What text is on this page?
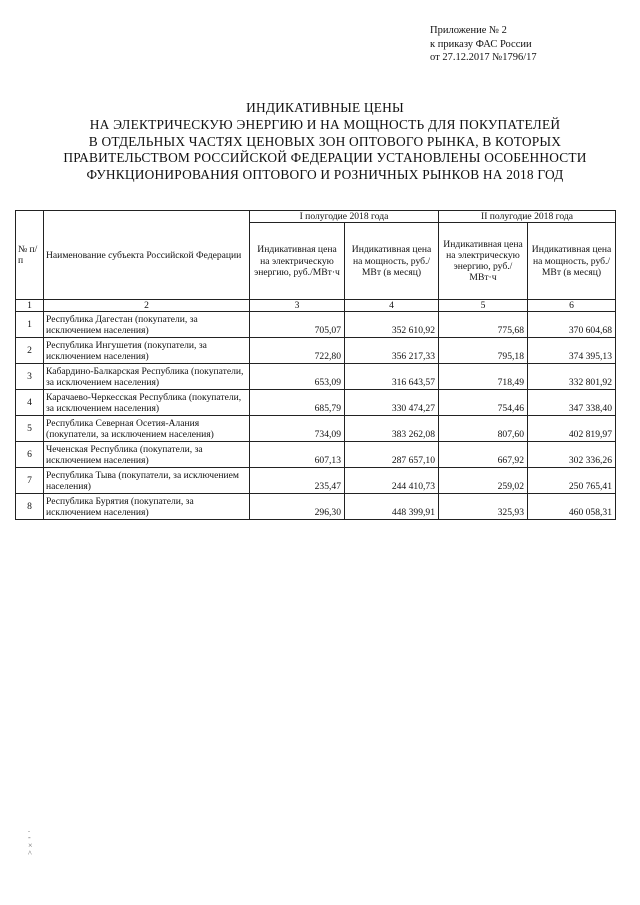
Приложение № 2
к приказу ФАС России
от 27.12.2017 №1796/17
ИНДИКАТИВНЫЕ ЦЕНЫ
НА ЭЛЕКТРИЧЕСКУЮ ЭНЕРГИЮ И НА МОЩНОСТЬ ДЛЯ ПОКУПАТЕЛЕЙ
В ОТДЕЛЬНЫХ ЧАСТЯХ ЦЕНОВЫХ ЗОН ОПТОВОГО РЫНКА, В КОТОРЫХ
ПРАВИТЕЛЬСТВОМ РОССИЙСКОЙ ФЕДЕРАЦИИ УСТАНОВЛЕНЫ ОСОБЕННОСТИ
ФУНКЦИОНИРОВАНИЯ ОПТОВОГО И РОЗНИЧНЫХ РЫНКОВ НА 2018 ГОД
№ п/п	Наименование субъекта Российской Федерации	I полугодие 2018 года		II полугодие 2018 года	
		Индикативная цена на электрическую энергию, руб./МВт·ч	Индикативная цена на мощность, руб./МВт (в месяц)	Индикативная цена на электрическую энергию, руб./МВт·ч	Индикативная цена на мощность, руб./МВт (в месяц)
1	2	3	4	5	6
1	Республика Дагестан (покупатели, за исключением населения)	705,07	352 610,92	775,68	370 604,68
2	Республика Ингушетия (покупатели, за исключением населения)	722,80	356 217,33	795,18	374 395,13
3	Кабардино-Балкарская Республика (покупатели, за исключением населения)	653,09	316 643,57	718,49	332 801,92
4	Карачаево-Черкесская Республика (покупатели, за исключением населения)	685,79	330 474,27	754,46	347 338,40
5	Республика Северная Осетия-Алания (покупатели, за исключением населения)	734,09	383 262,08	807,60	402 819,97
6	Чеченская Республика (покупатели, за исключением населения)	607,13	287 657,10	667,92	302 336,26
7	Республика Тыва (покупатели, за исключением населения)	235,47	244 410,73	259,02	250 765,41
8	Республика Бурятия (покупатели, за исключением населения)	296,30	448 399,91	325,93	460 058,31
.
-
×
^
